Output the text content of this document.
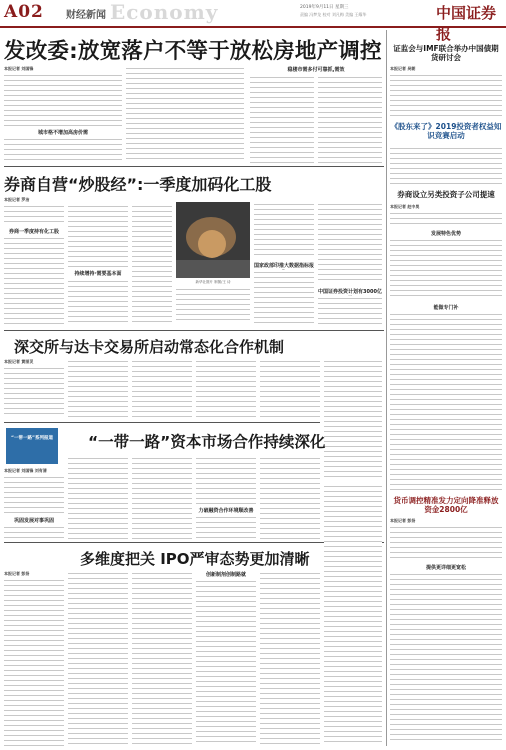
A02	Economy
财经新闻
2019年9月11日 星期三
责编 冯梦龙 校对 刘凡梅 美编 王耀华	中国证券报
发改委:放宽落户不等于放松房地产调控
本报记者 刘国锋
城市格不增加高房价需
稳楼市需多付可靠抓,需效
券商自营“炒股经”:一季度加码化工股
本报记者 罗洁
券商一季度持有化工股
持续增持·需要基本面
新华社图片 制图/王 诗
国家政部印推大数据指标报
中国证券投资计划有3000亿
深交所与达卡交易所启动常态化合作机制
本报记者 黄丽灵
“一带一路”系列报道 “一带一路”资本市场合作持续深化
本报记者 刘国锋 刘有清
巩固发展对事巩固
力破融资合作环境顺改善
多维度把关 IPO严审态势更加清晰
本报记者 彭扬	创新制剂创制路就
证监会与IMF联合举办中国债期货研讨会
本报记者 吴朝
《股东来了》2019投资者权益知识竞赛启动
券商设立另类投资子公司提速
本报记者 赵中昊
发展特色优势
能做专门补
货币调控精准发力定向降准释放资金2800亿
本报记者 彭扬
提供更详细更宽松
